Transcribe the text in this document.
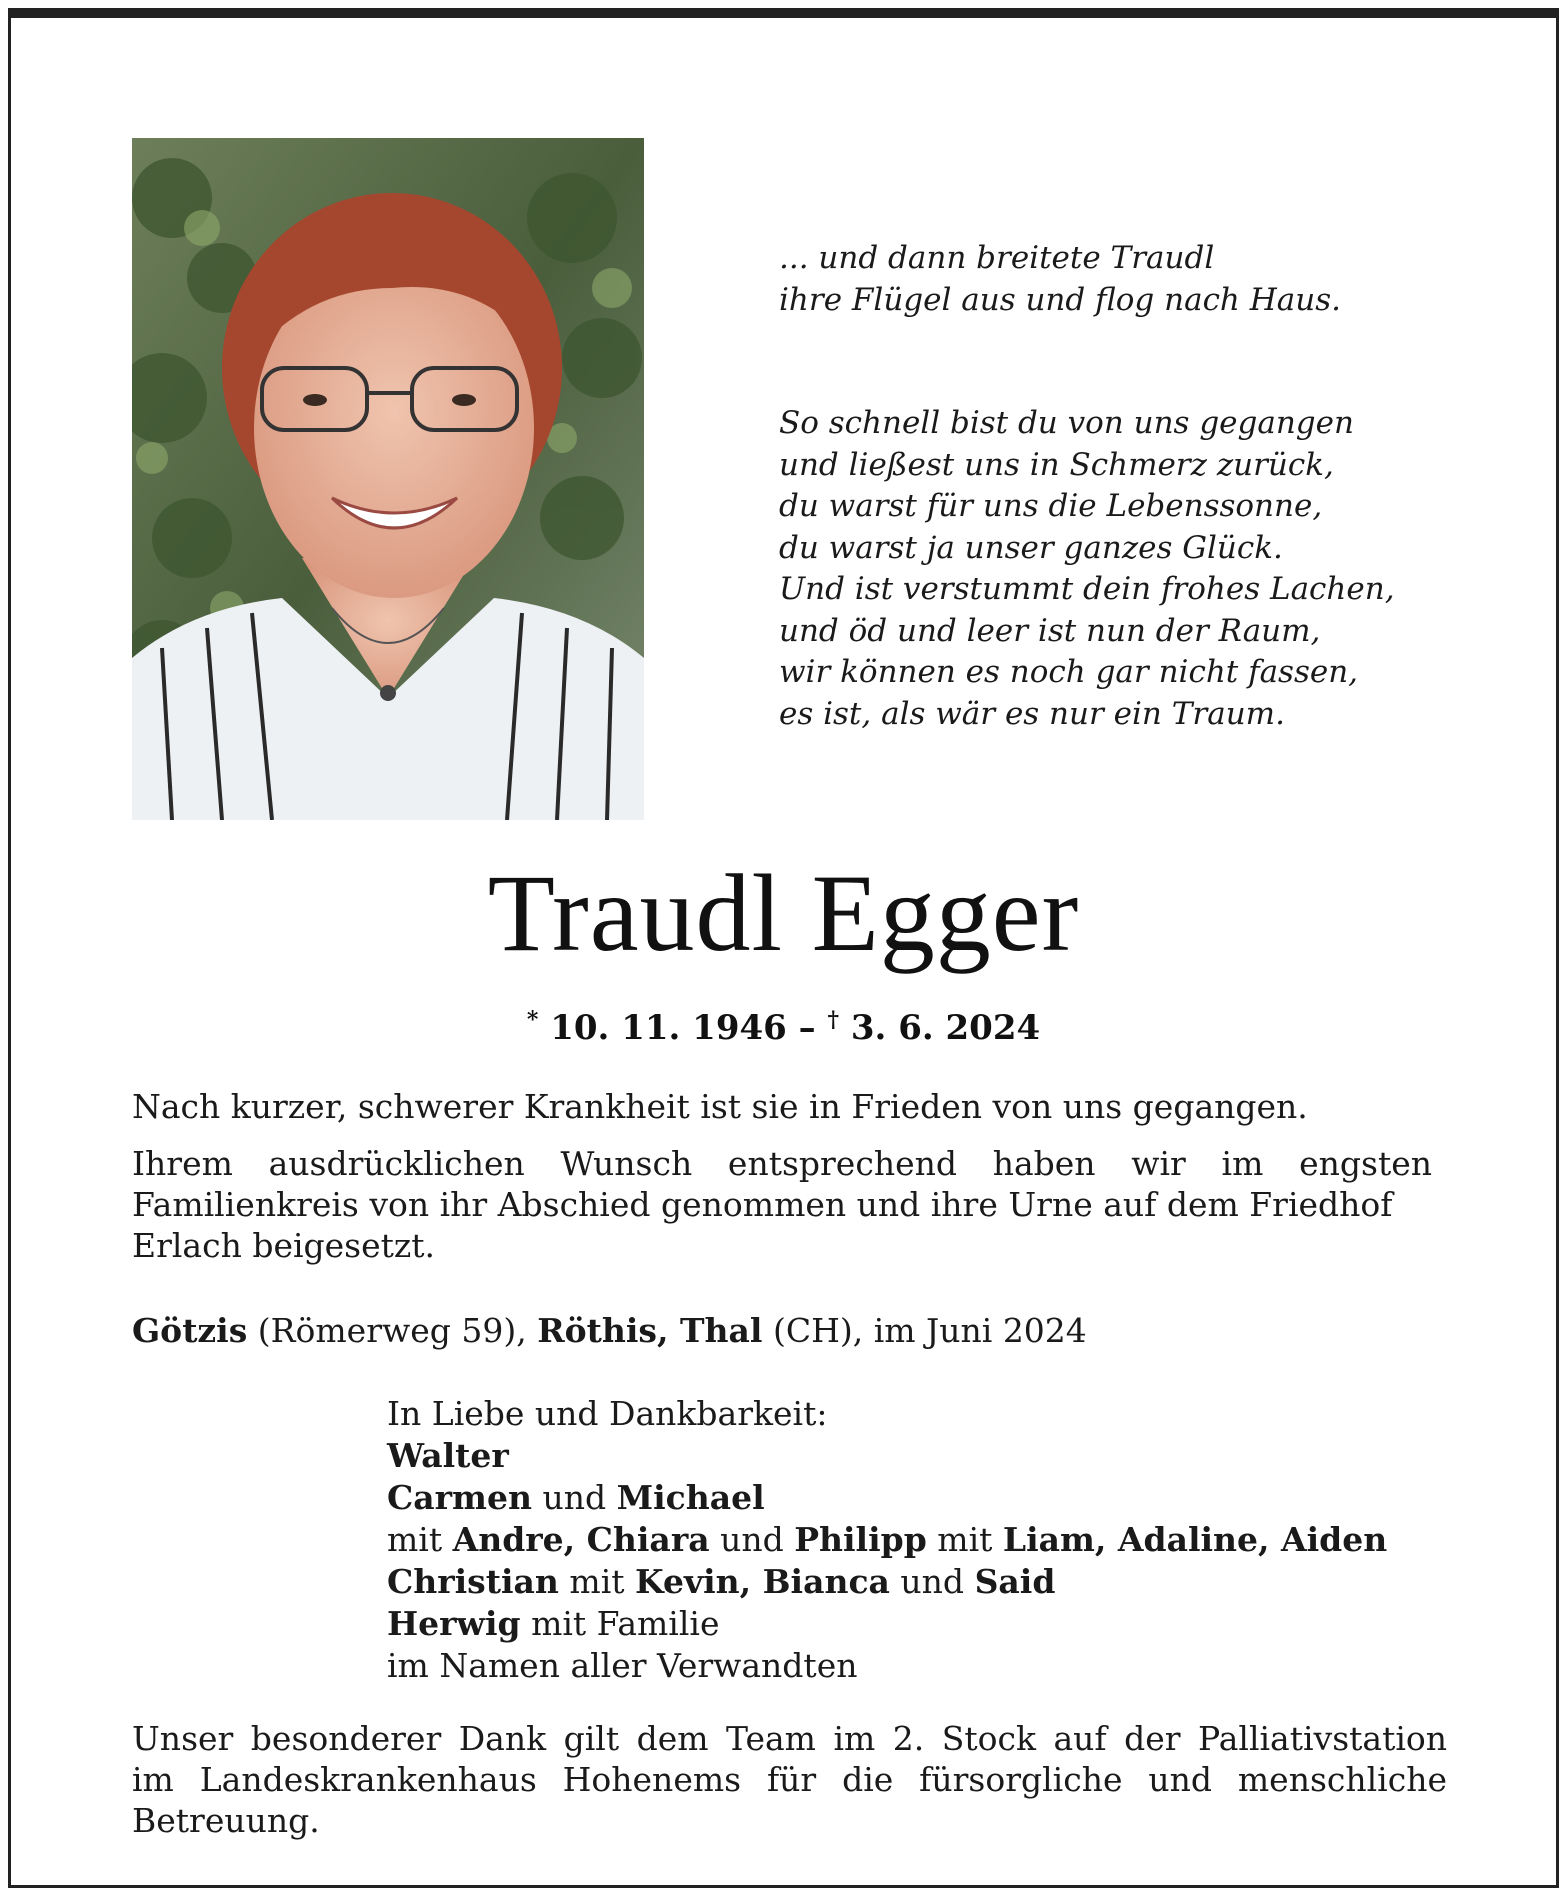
... und dann breitete Traudl
ihre Flügel aus und flog nach Haus.
So schnell bist du von uns gegangen
und ließest uns in Schmerz zurück,
du warst für uns die Lebenssonne,
du warst ja unser ganzes Glück.
Und ist verstummt dein frohes Lachen,
und öd und leer ist nun der Raum,
wir können es noch gar nicht fassen,
es ist, als wär es nur ein Traum.
Traudl Egger
* 10. 11. 1946 – † 3. 6. 2024
Nach kurzer, schwerer Krankheit ist sie in Frieden von uns gegangen.
Ihrem ausdrücklichen Wunsch entsprechend haben wir im engsten
Familienkreis von ihr Abschied genommen und ihre Urne auf dem Friedhof
Erlach beigesetzt.
Götzis (Römerweg 59), Röthis, Thal (CH), im Juni 2024
In Liebe und Dankbarkeit:
Walter
Carmen und Michael
mit Andre, Chiara und Philipp mit Liam, Adaline, Aiden
Christian mit Kevin, Bianca und Said
Herwig mit Familie
im Namen aller Verwandten
Unser besonderer Dank gilt dem Team im 2. Stock auf der Palliativstation
im Landeskrankenhaus Hohenems für die fürsorgliche und menschliche
Betreuung.
